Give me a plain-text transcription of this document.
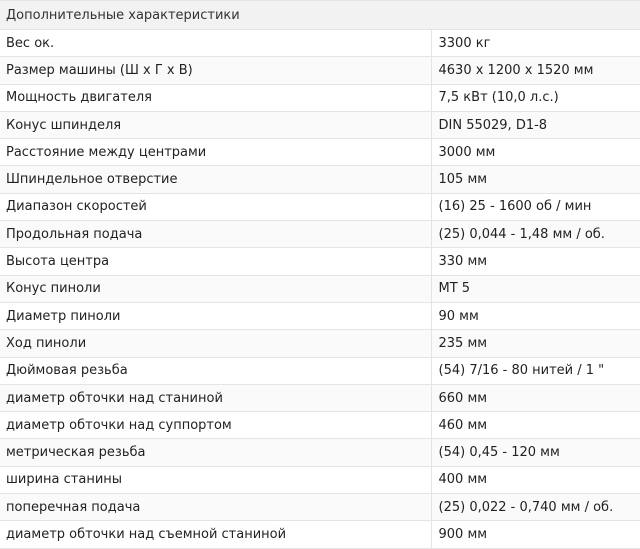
Дополнительные характеристики	
Вес ок.	3300 кг
Размер машины (Ш x Г x В)	4630 x 1200 x 1520 мм
Мощность двигателя	7,5 кВт (10,0 л.с.)
Конус шпинделя	DIN 55029, D1-8
Расстояние между центрами	3000 мм
Шпиндельное отверстие	105 мм
Диапазон скоростей	(16) 25 - 1600 об / мин
Продольная подача	(25) 0,044 - 1,48 мм / об.
Высота центра	330 мм
Конус пиноли	MT 5
Диаметр пиноли	90 мм
Ход пиноли	235 мм
Дюймовая резьба	(54) 7/16 - 80 нитей / 1 "
диаметр обточки над станиной	660 мм
диаметр обточки над суппортом	460 мм
метрическая резьба	(54) 0,45 - 120 мм
ширина станины	400 мм
поперечная подача	(25) 0,022 - 0,740 мм / об.
диаметр обточки над съемной станиной	900 мм
